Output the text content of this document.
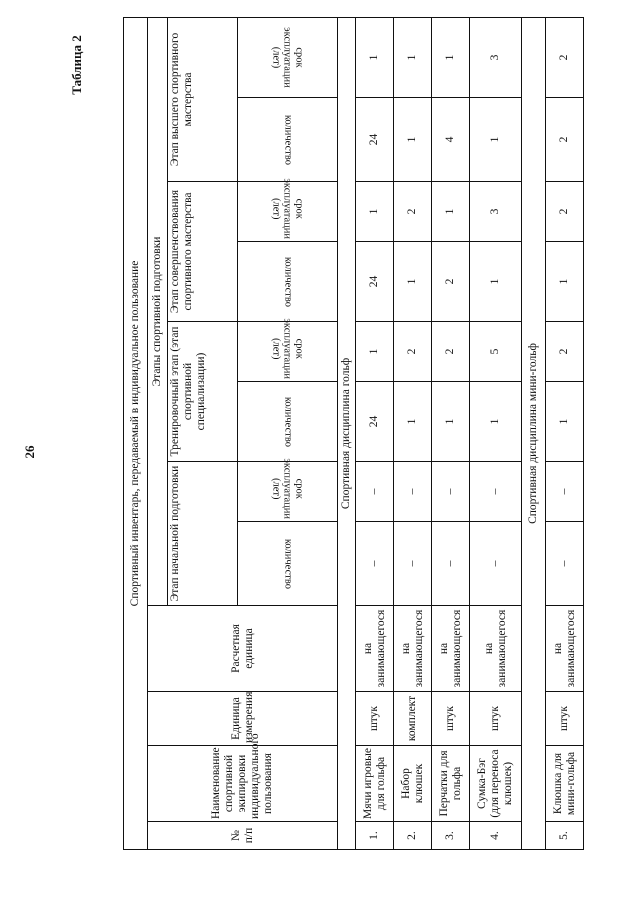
26
Таблица 2
Спортивный инвентарь, передаваемый в индивидуальное пользование											
№ п/п	Наименование спортивной экипировки индивидуального пользования	Единица измерения	Расчетная единица	Этапы спортивной подготовки							
				Этап начальной подготовки		Тренировочный этап (этап спортивной специализации)		Этап совершенствования спортивного мастерства		Этап высшего спортивного мастерства	
				количество	срок эксплуатации (лет)	количество	срок эксплуатации (лет)	количество	срок эксплуатации (лет)	количество	срок эксплуатации (лет)
Спортивная дисциплина гольф											
1.	Мячи игровые для гольфа	штук	на занимающегося	–	–	24	1	24	1	24	1
2.	Набор клюшек	комплект	на занимающегося	–	–	1	2	1	2	1	1
3.	Перчатки для гольфа	штук	на занимающегося	–	–	1	2	2	1	4	1
4.	Сумка-Бэг (для переноса клюшек)	штук	на занимающегося	–	–	1	5	1	3	1	3
Спортивная дисциплина мини-гольф											
5.	Клюшка для мини-гольфа	штук	на занимающегося	–	–	1	2	1	2	2	2
